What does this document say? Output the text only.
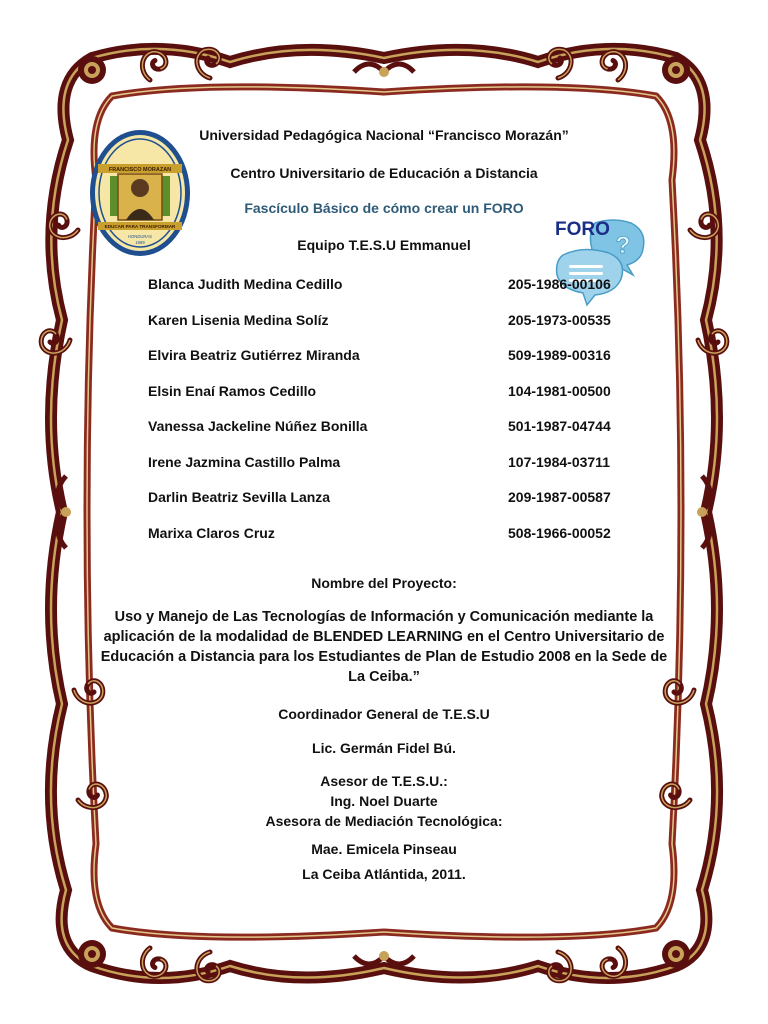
FRANCISCO MORAZAN
EDUCAR PARA TRANSFORMAR
HONDURAS
1989	?
FORO
Universidad Pedagógica Nacional “Francisco Morazán”
Centro Universitario de Educación a Distancia
Fascículo Básico de cómo crear un FORO
Equipo T.E.S.U Emmanuel
Blanca Judith Medina Cedillo	205-1986-00106
Karen Lisenia Medina Solíz	205-1973-00535
Elvira Beatriz Gutiérrez Miranda	509-1989-00316
Elsin Enaí Ramos Cedillo	104-1981-00500
Vanessa Jackeline Núñez Bonilla	501-1987-04744
Irene Jazmina Castillo Palma	107-1984-03711
Darlin Beatriz Sevilla Lanza	209-1987-00587
Marixa Claros Cruz	508-1966-00052
Nombre del Proyecto:
Uso y Manejo de Las Tecnologías de Información y Comunicación mediante la aplicación de la modalidad de BLENDED LEARNING en el Centro Universitario de Educación a Distancia para los Estudiantes de Plan de Estudio 2008 en la Sede de La Ceiba.”
Coordinador General de T.E.S.U
Lic. Germán Fidel Bú.
Asesor de T.E.S.U.:
Ing. Noel Duarte
Asesora de Mediación Tecnológica:
Mae. Emicela Pinseau
La Ceiba Atlántida, 2011.
